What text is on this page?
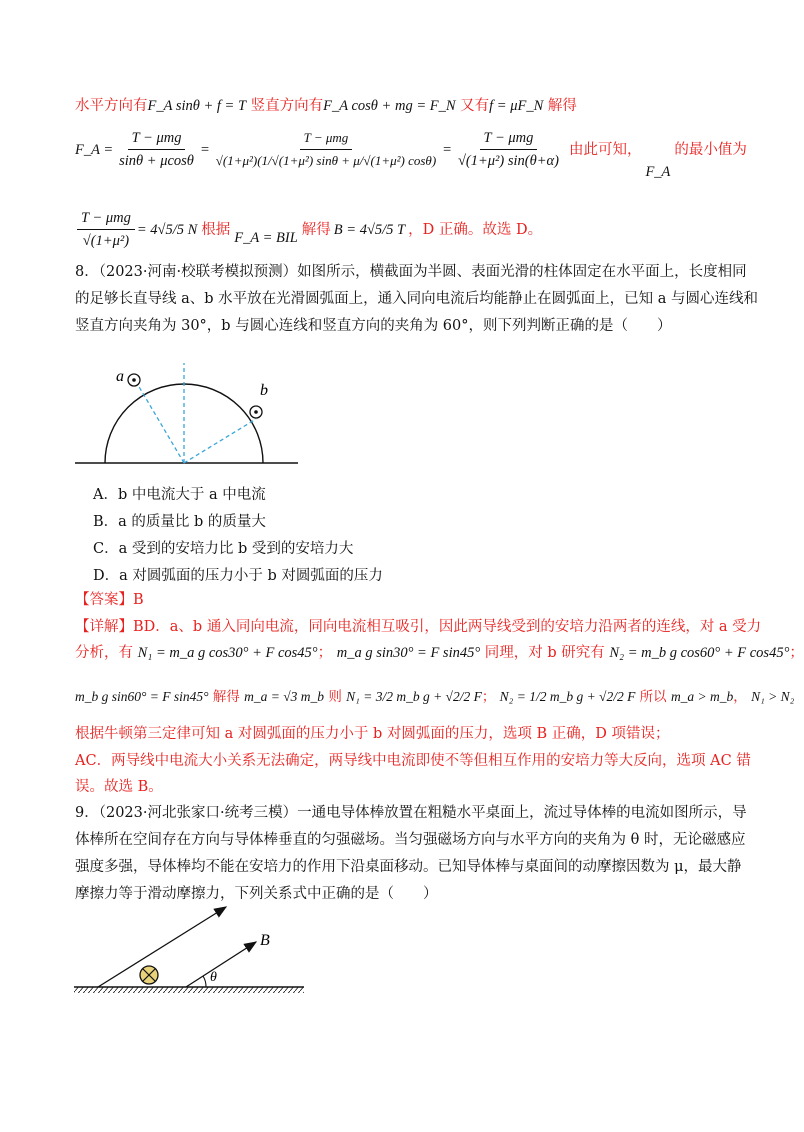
水平方向有F_A sinθ + f = T 竖直方向有F_A cosθ + mg = F_N 又有f = μF_N 解得
F_A = $\frac{\text{T − μmg}}{\sin\theta + \mu\cos\theta} = \frac{\text{T − μmg}}{\text{√(1+μ²)(1/√(1+μ²) sinθ + μ/√(1+μ²) cosθ)}} = \frac{\text{T − μmg}}{\text{√(1+μ²) sin(θ+α)}}$ 由此可知，
F_A
的最小值为
$\frac{\text{T − μmg}}{\text{√(1+μ²)}} = 4√5/5$ N 根据 F_A = BIL 解得 B = 4√5/5 T ，D 正确。故选 D。
8．（2023·河南·校联考模拟预测）如图所示，横截面为半圆、表面光滑的柱体固定在水平面上，长度相同
的足够长直导线 a、b 水平放在光滑圆弧面上，通入同向电流后均能静止在圆弧面上，已知 a 与圆心连线和
竖直方向夹角为 30°，b 与圆心连线和竖直方向的夹角为 60°，则下列判断正确的是（　　）
a
b
A．b 中电流大于 a 中电流
B．a 的质量比 b 的质量大
C．a 受到的安培力比 b 受到的安培力大
D．a 对圆弧面的压力小于 b 对圆弧面的压力
【答案】B
【详解】BD．a、b 通入同向电流，同向电流相互吸引，因此两导线受到的安培力沿两者的连线，对 a 受力
分析，有 N₁ = m_a g cos30° + F cos45°； m_a g sin30° = F sin45° 同理，对 b 研究有 N₂ = m_b g cos60° + F cos45°；
m_b g sin60° = F sin45° 解得 m_a = √3 m_b 则 N₁ = 3/2 m_b g + √2/2 F； N₂ = 1/2 m_b g + √2/2 F 所以 m_a > m_b， N₁ > N₂
根据牛顿第三定律可知 a 对圆弧面的压力小于 b 对圆弧面的压力，选项 B 正确，D 项错误；
AC．两导线中电流大小关系无法确定，两导线中电流即使不等但相互作用的安培力等大反向，选项 AC 错
误。故选 B。
9．（2023·河北张家口·统考三模）一通电导体棒放置在粗糙水平桌面上，流过导体棒的电流如图所示，导
体棒所在空间存在方向与导体棒垂直的匀强磁场。当匀强磁场方向与水平方向的夹角为 θ 时，无论磁感应
强度多强，导体棒均不能在安培力的作用下沿桌面移动。已知导体棒与桌面间的动摩擦因数为 μ，最大静
摩擦力等于滑动摩擦力，下列关系式中正确的是（　　）
B
θ
